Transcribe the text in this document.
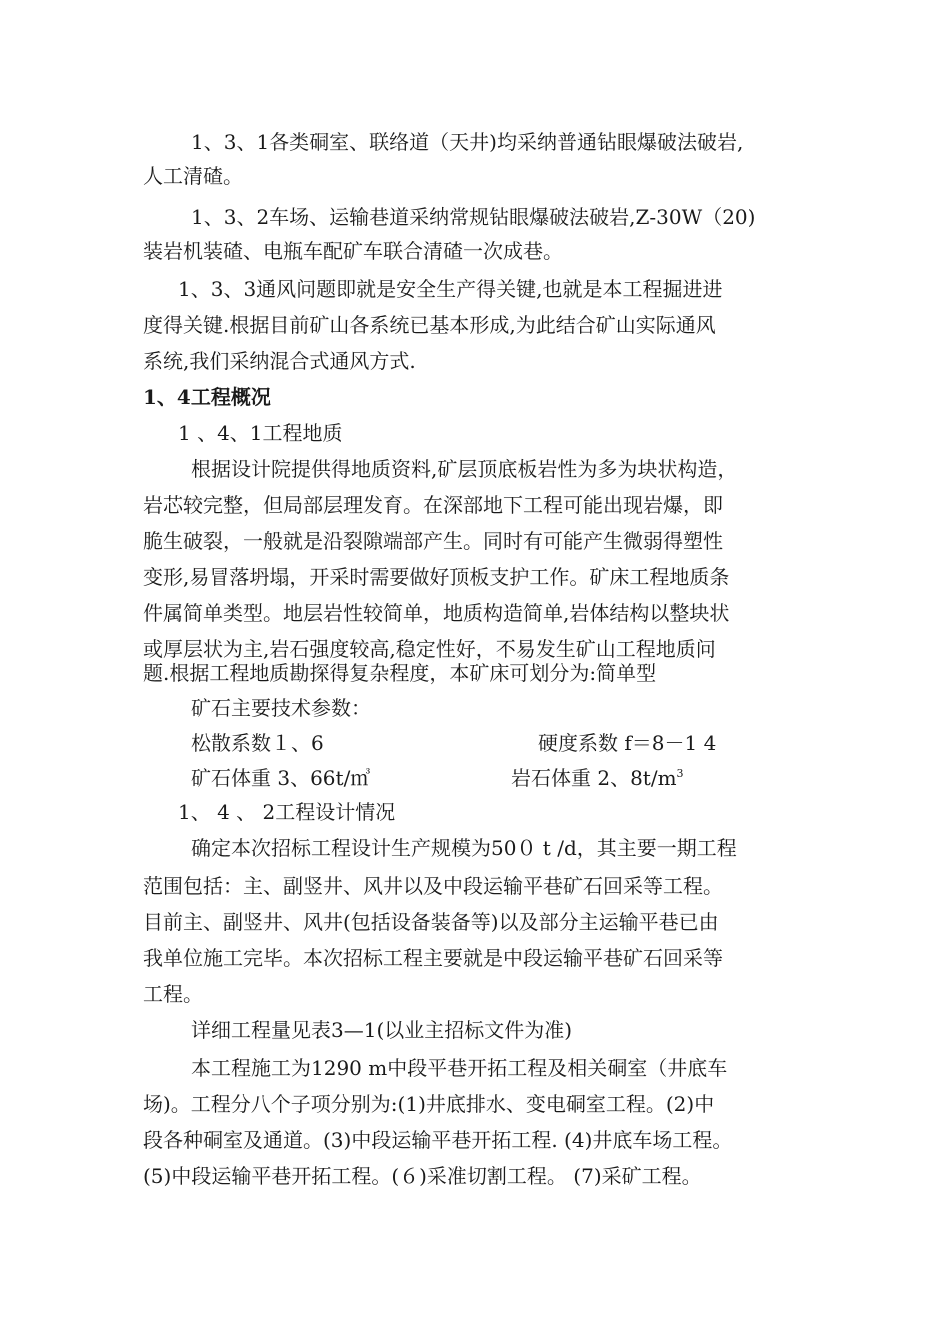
1、3、1各类硐室、联络道（天井)均采纳普通钻眼爆破法破岩,

人工清碴。

1、3、2车场、运输巷道采纳常规钻眼爆破法破岩,Z-30W（20)

装岩机装碴、电瓶车配矿车联合清碴一次成巷。

1、3、3通风问题即就是安全生产得关键,也就是本工程掘进进

度得关键.根据目前矿山各系统已基本形成,为此结合矿山实际通风

系统,我们采纳混合式通风方式.

1、4工程概况

1 、4、1工程地质

根据设计院提供得地质资料,矿层顶底板岩性为多为块状构造，

岩芯较完整，但局部层理发育。在深部地下工程可能出现岩爆，即

脆生破裂，一般就是沿裂隙端部产生。同时有可能产生微弱得塑性

变形,易冒落坍塌，开采时需要做好顶板支护工作。矿床工程地质条

件属简单类型。地层岩性较简单，地质构造简单,岩体结构以整块状

或厚层状为主,岩石强度较高,稳定性好，不易发生矿山工程地质问

题.根据工程地质勘探得复杂程度，本矿床可划分为:简单型

矿石主要技术参数：

松散系数１、6	硬度系数 f＝8－1 4

矿石体重 3、66t/㎥	岩石体重 2、$8t/m^3$

1、 4 、 2工程设计情况

确定本次招标工程设计生产规模为50０ t /d，其主要一期工程

范围包括：主、副竖井、风井以及中段运输平巷矿石回采等工程。

目前主、副竖井、风井(包括设备装备等)以及部分主运输平巷已由

我单位施工完毕。本次招标工程主要就是中段运输平巷矿石回采等

工程。

详细工程量见表3—1(以业主招标文件为准)

本工程施工为1290 m中段平巷开拓工程及相关硐室（井底车

场)。工程分八个子项分别为:(1)井底排水、变电硐室工程。(2)中

段各种硐室及通道。(3)中段运输平巷开拓工程. (4)井底车场工程。

(5)中段运输平巷开拓工程。(６)采准切割工程。 (7)采矿工程。
